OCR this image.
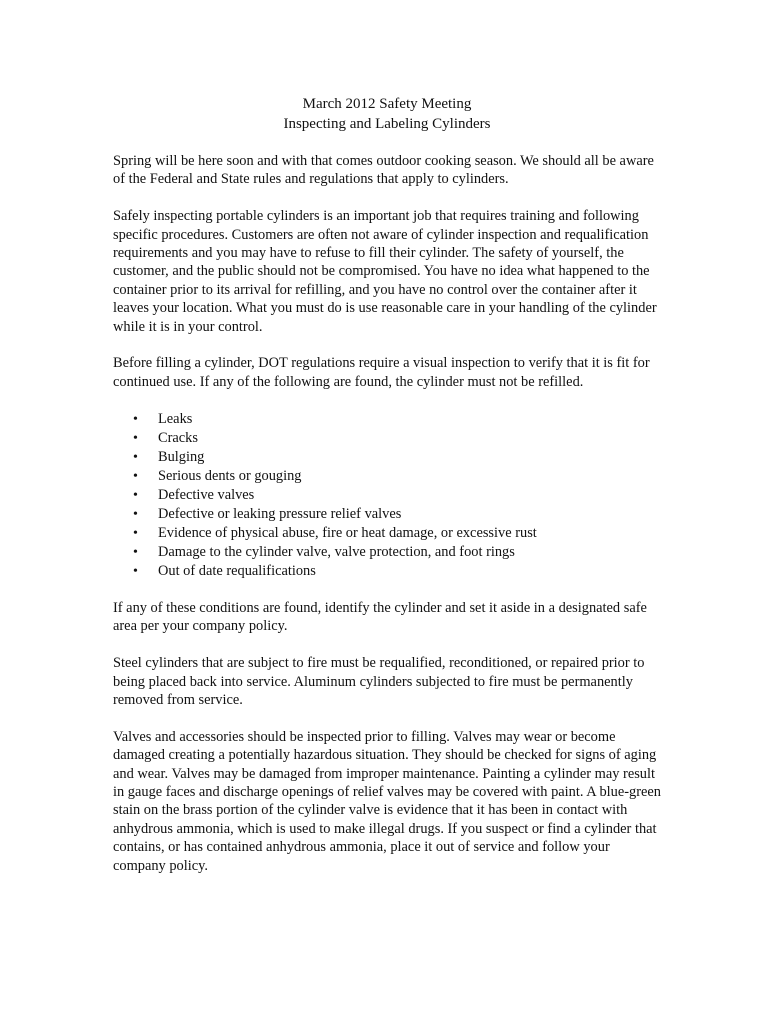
March 2012 Safety Meeting
Inspecting and Labeling Cylinders

Spring will be here soon and with that comes outdoor cooking season. We should all be aware of the Federal and State rules and regulations that apply to cylinders.

Safely inspecting portable cylinders is an important job that requires training and following specific procedures. Customers are often not aware of cylinder inspection and requalification requirements and you may have to refuse to fill their cylinder. The safety of yourself, the customer, and the public should not be compromised. You have no idea what happened to the container prior to its arrival for refilling, and you have no control over the container after it leaves your location. What you must do is use reasonable care in your handling of the cylinder while it is in your control.

Before filling a cylinder, DOT regulations require a visual inspection to verify that it is fit for continued use. If any of the following are found, the cylinder must not be refilled.

• Leaks
• Cracks
• Bulging
• Serious dents or gouging
• Defective valves
• Defective or leaking pressure relief valves
• Evidence of physical abuse, fire or heat damage, or excessive rust
• Damage to the cylinder valve, valve protection, and foot rings
• Out of date requalifications

If any of these conditions are found, identify the cylinder and set it aside in a designated safe area per your company policy.

Steel cylinders that are subject to fire must be requalified, reconditioned, or repaired prior to being placed back into service. Aluminum cylinders subjected to fire must be permanently removed from service.

Valves and accessories should be inspected prior to filling. Valves may wear or become damaged creating a potentially hazardous situation. They should be checked for signs of aging and wear. Valves may be damaged from improper maintenance. Painting a cylinder may result in gauge faces and discharge openings of relief valves may be covered with paint. A blue-green stain on the brass portion of the cylinder valve is evidence that it has been in contact with anhydrous ammonia, which is used to make illegal drugs. If you suspect or find a cylinder that contains, or has contained anhydrous ammonia, place it out of service and follow your company policy.
